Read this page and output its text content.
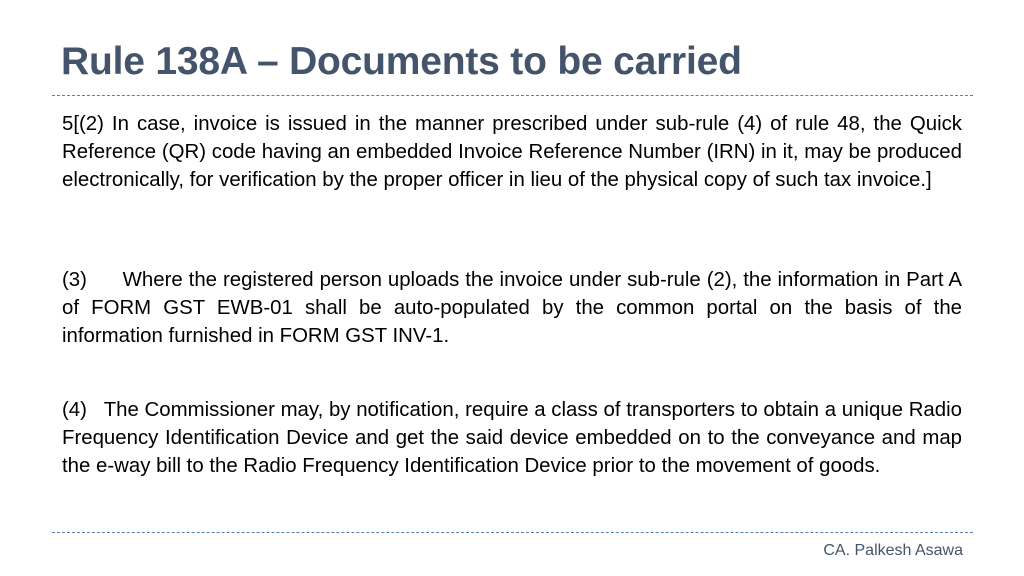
Rule 138A – Documents to be carried

5[(2) In case, invoice is issued in the manner prescribed under sub-rule (4) of rule 48, the Quick Reference (QR) code having an embedded Invoice Reference Number (IRN) in it, may be produced electronically, for verification by the proper officer in lieu of the physical copy of such tax invoice.]

(3)      Where the registered person uploads the invoice under sub-rule (2), the information in Part A of FORM GST EWB-01 shall be auto-populated by the common portal on the basis of the information furnished in FORM GST INV-1.

(4)   The Commissioner may, by notification, require a class of transporters to obtain a unique Radio Frequency Identification Device and get the said device embedded on to the conveyance and map the e-way bill to the Radio Frequency Identification Device prior to the movement of goods.

CA. Palkesh Asawa
